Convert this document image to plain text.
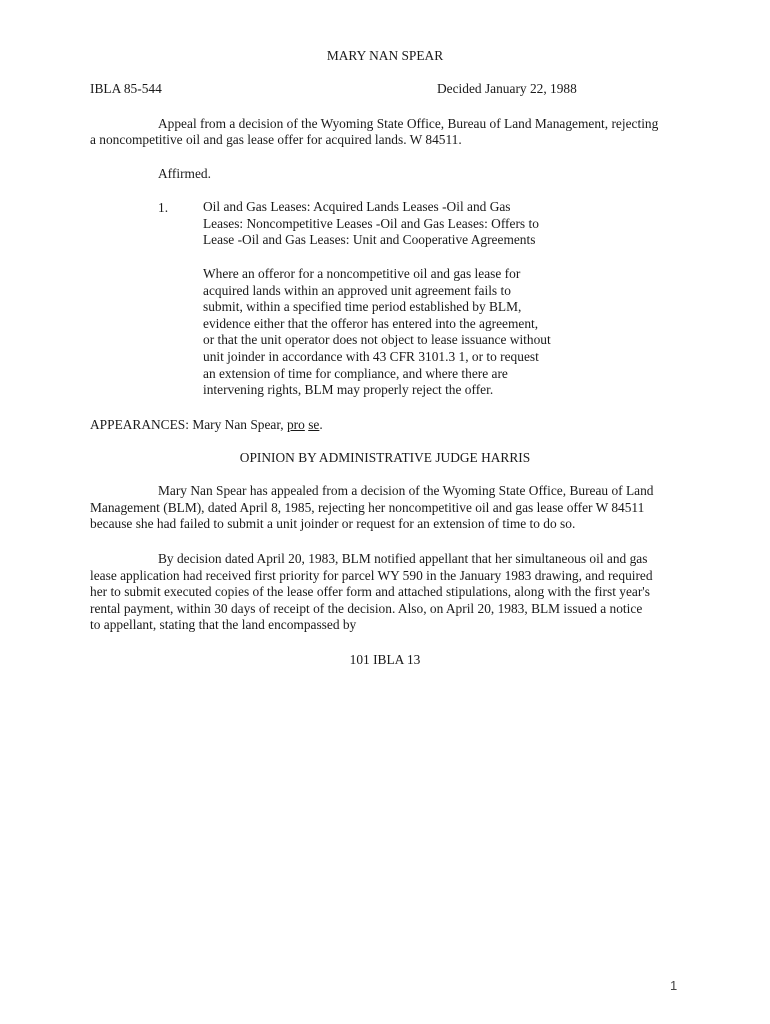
MARY NAN SPEAR
IBLA 85-544	Decided January 22, 1988
Appeal from a decision of the Wyoming State Office, Bureau of Land Management, rejecting
a noncompetitive oil and gas lease offer for acquired lands. W 84511.
Affirmed.
1.	Oil and Gas Leases: Acquired Lands Leases -Oil and Gas
Leases: Noncompetitive Leases -Oil and Gas Leases: Offers to
Lease -Oil and Gas Leases: Unit and Cooperative Agreements
Where an offeror for a noncompetitive oil and gas lease for
acquired lands within an approved unit agreement fails to
submit, within a specified time period established by BLM,
evidence either that the offeror has entered into the agreement,
or that the unit operator does not object to lease issuance without
unit joinder in accordance with 43 CFR 3101.3 1, or to request
an extension of time for compliance, and where there are
intervening rights, BLM may properly reject the offer.
APPEARANCES: Mary Nan Spear, pro se.
OPINION BY ADMINISTRATIVE JUDGE HARRIS
Mary Nan Spear has appealed from a decision of the Wyoming State Office, Bureau of Land
Management (BLM), dated April 8, 1985, rejecting her noncompetitive oil and gas lease offer W 84511
because she had failed to submit a unit joinder or request for an extension of time to do so.
By decision dated April 20, 1983, BLM notified appellant that her simultaneous oil and gas
lease application had received first priority for parcel WY 590 in the January 1983 drawing, and required
her to submit executed copies of the lease offer form and attached stipulations, along with the first year's
rental payment, within 30 days of receipt of the decision. Also, on April 20, 1983, BLM issued a notice
to appellant, stating that the land encompassed by
101 IBLA 13
1
